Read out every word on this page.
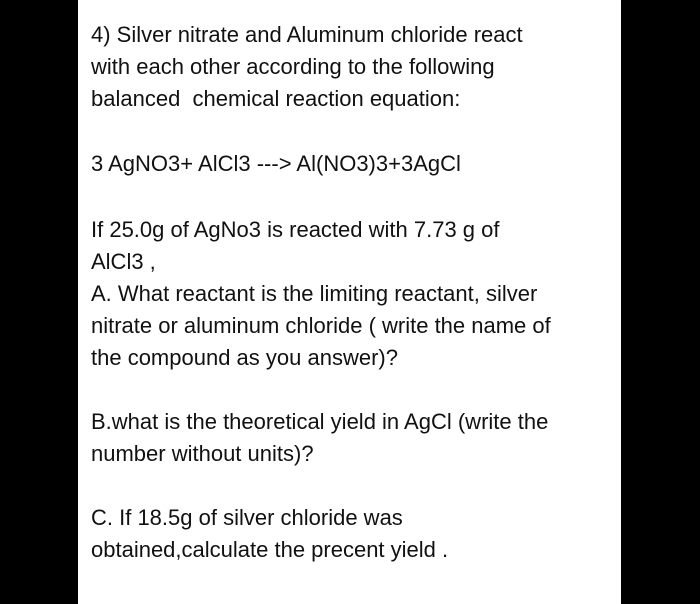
4) Silver nitrate and Aluminum chloride react
with each other according to the following
balanced  chemical reaction equation:
3 AgNO3+ AlCl3 ---> Al(NO3)3+3AgCl
If 25.0g of AgNo3 is reacted with 7.73 g of
AlCl3 ,
A. What reactant is the limiting reactant, silver
nitrate or aluminum chloride ( write the name of
the compound as you answer)?
B.what is the theoretical yield in AgCl (write the
number without units)?
C. If 18.5g of silver chloride was
obtained,calculate the precent yield .
